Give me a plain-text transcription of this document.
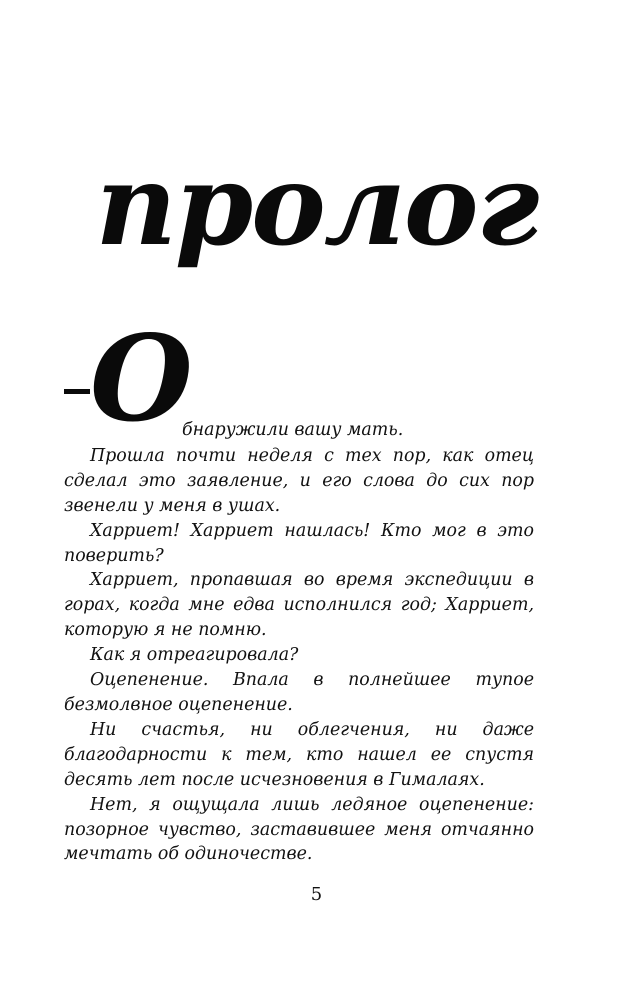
пролог
О

бнаружили вашу мать.

Прошла почти неделя с тех пор, как отец сделал это заявление, и его слова до сих пор звенели у меня в ушах.

Харриет! Харриет нашлась! Кто мог в это поверить?

Харриет, пропавшая во время экспедиции в горах, когда мне едва исполнился год; Харриет, которую я не помню.

Как я отреагировала?

Оцепенение. Впала в полнейшее тупое безмолвное оцепенение.

Ни счастья, ни облегчения, ни даже благодарности к тем, кто нашел ее спустя десять лет после исчезновения в Гималаях.

Нет, я ощущала лишь ледяное оцепенение: позорное чувство, заставившее меня отчаянно мечтать об одиночестве.

5
